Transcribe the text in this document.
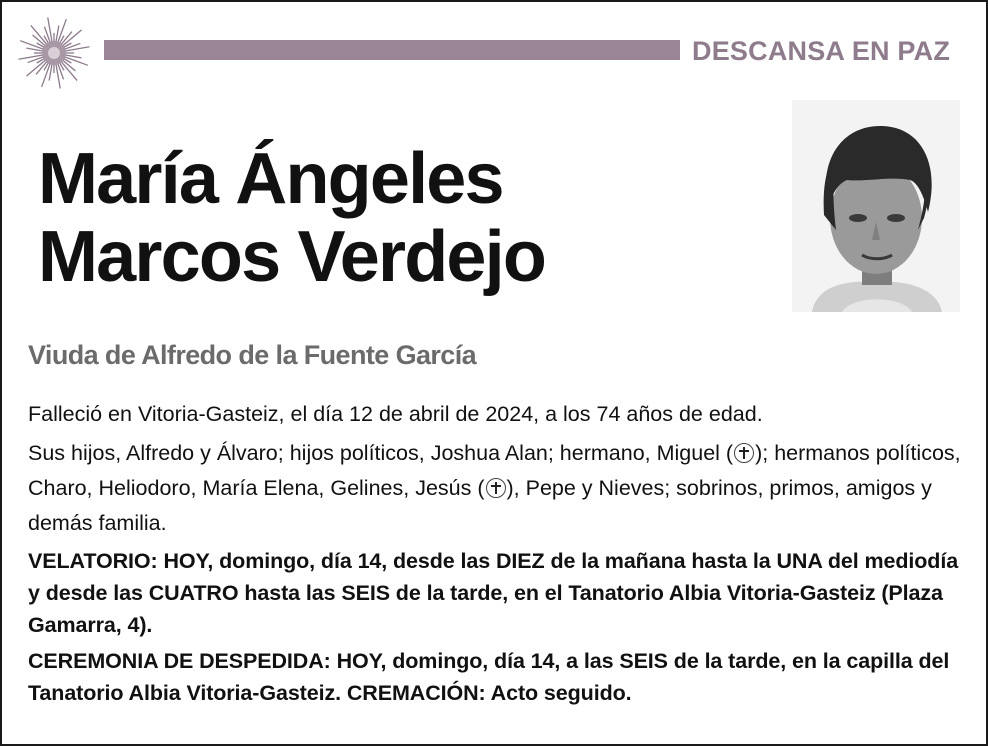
DESCANSA EN PAZ
María Ángeles
Marcos Verdejo
Viuda de Alfredo de la Fuente García

Falleció en Vitoria-Gasteiz, el día 12 de abril de 2024, a los 74 años de edad.

Sus hijos, Alfredo y Álvaro; hijos políticos, Joshua Alan; hermano, Miguel ( ); hermanos políticos, Charo, Heliodoro, María Elena, Gelines, Jesús ( ), Pepe y Nieves; sobrinos, primos, amigos y demás familia.

VELATORIO: HOY, domingo, día 14, desde las DIEZ de la mañana hasta la UNA del mediodía y desde las CUATRO hasta las SEIS de la tarde, en el Tanatorio Albia Vitoria-Gasteiz (Plaza Gamarra, 4).

CEREMONIA DE DESPEDIDA: HOY, domingo, día 14, a las SEIS de la tarde, en la capilla del Tanatorio Albia Vitoria-Gasteiz. CREMACIÓN: Acto seguido.
